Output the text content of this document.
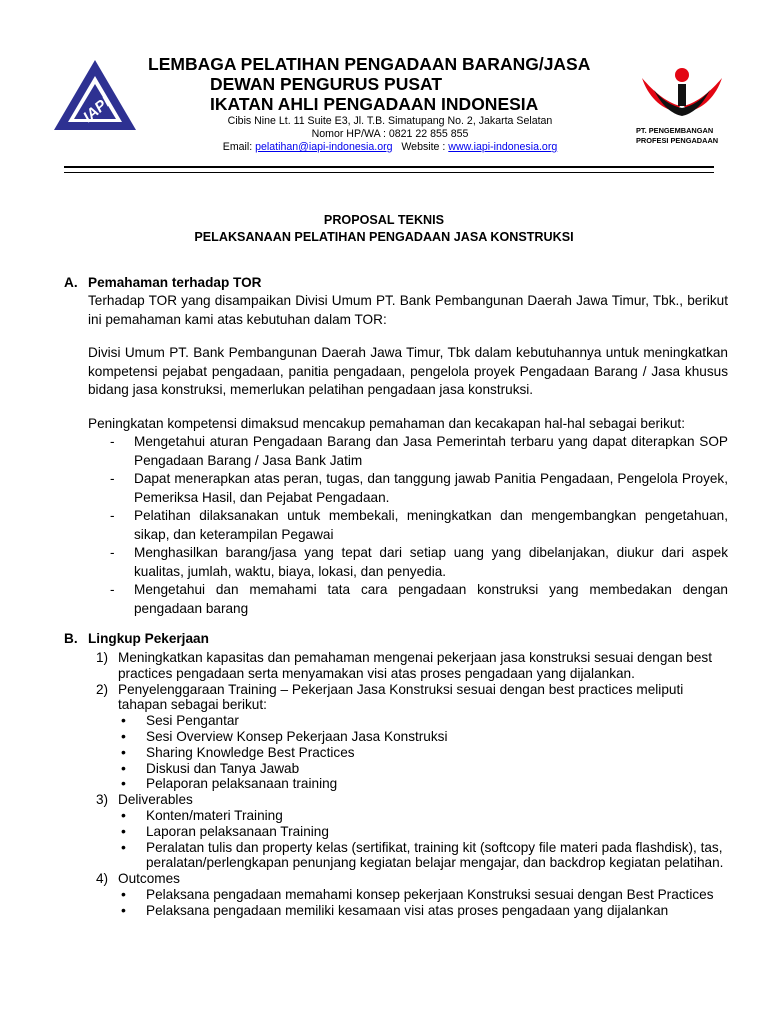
IAPI
LEMBAGA PELATIHAN PENGADAAN BARANG/JASA
DEWAN PENGURUS PUSAT
IKATAN AHLI PENGADAAN INDONESIA
Cibis Nine Lt. 11 Suite E3, Jl. T.B. Simatupang No. 2, Jakarta Selatan
Nomor HP/WA : 0821 22 855 855
Email: pelatihan@iapi-indonesia.org Website : www.iapi-indonesia.org
PT. PENGEMBANGAN
PROFESI PENGADAAN
PROPOSAL TEKNIS
PELAKSANAAN PELATIHAN PENGADAAN JASA KONSTRUKSI
A. Pemahaman terhadap TOR
Terhadap TOR yang disampaikan Divisi Umum PT. Bank Pembangunan Daerah Jawa Timur, Tbk., berikut ini pemahaman kami atas kebutuhan dalam TOR:
Divisi Umum PT. Bank Pembangunan Daerah Jawa Timur, Tbk dalam kebutuhannya untuk meningkatkan kompetensi pejabat pengadaan, panitia pengadaan, pengelola proyek Pengadaan Barang / Jasa khusus bidang jasa konstruksi, memerlukan pelatihan pengadaan jasa konstruksi.
Peningkatan kompetensi dimaksud mencakup pemahaman dan kecakapan hal-hal sebagai berikut:
- Mengetahui aturan Pengadaan Barang dan Jasa Pemerintah terbaru yang dapat diterapkan SOP Pengadaan Barang / Jasa Bank Jatim
- Dapat menerapkan atas peran, tugas, dan tanggung jawab Panitia Pengadaan, Pengelola Proyek, Pemeriksa Hasil, dan Pejabat Pengadaan.
- Pelatihan dilaksanakan untuk membekali, meningkatkan dan mengembangkan pengetahuan, sikap, dan keterampilan Pegawai
- Menghasilkan barang/jasa yang tepat dari setiap uang yang dibelanjakan, diukur dari aspek kualitas, jumlah, waktu, biaya, lokasi, dan penyedia.
- Mengetahui dan memahami tata cara pengadaan konstruksi yang membedakan dengan pengadaan barang
B. Lingkup Pekerjaan
1) Meningkatkan kapasitas dan pemahaman mengenai pekerjaan jasa konstruksi sesuai dengan best practices pengadaan serta menyamakan visi atas proses pengadaan yang dijalankan.
2) Penyelenggaraan Training – Pekerjaan Jasa Konstruksi sesuai dengan best practices meliputi tahapan sebagai berikut:
• Sesi Pengantar
• Sesi Overview Konsep Pekerjaan Jasa Konstruksi
• Sharing Knowledge Best Practices
• Diskusi dan Tanya Jawab
• Pelaporan pelaksanaan training
3) Deliverables
• Konten/materi Training
• Laporan pelaksanaan Training
• Peralatan tulis dan property kelas (sertifikat, training kit (softcopy file materi pada flashdisk), tas, peralatan/perlengkapan penunjang kegiatan belajar mengajar, dan backdrop kegiatan pelatihan.
4) Outcomes
• Pelaksana pengadaan memahami konsep pekerjaan Konstruksi sesuai dengan Best Practices
• Pelaksana pengadaan memiliki kesamaan visi atas proses pengadaan yang dijalankan
